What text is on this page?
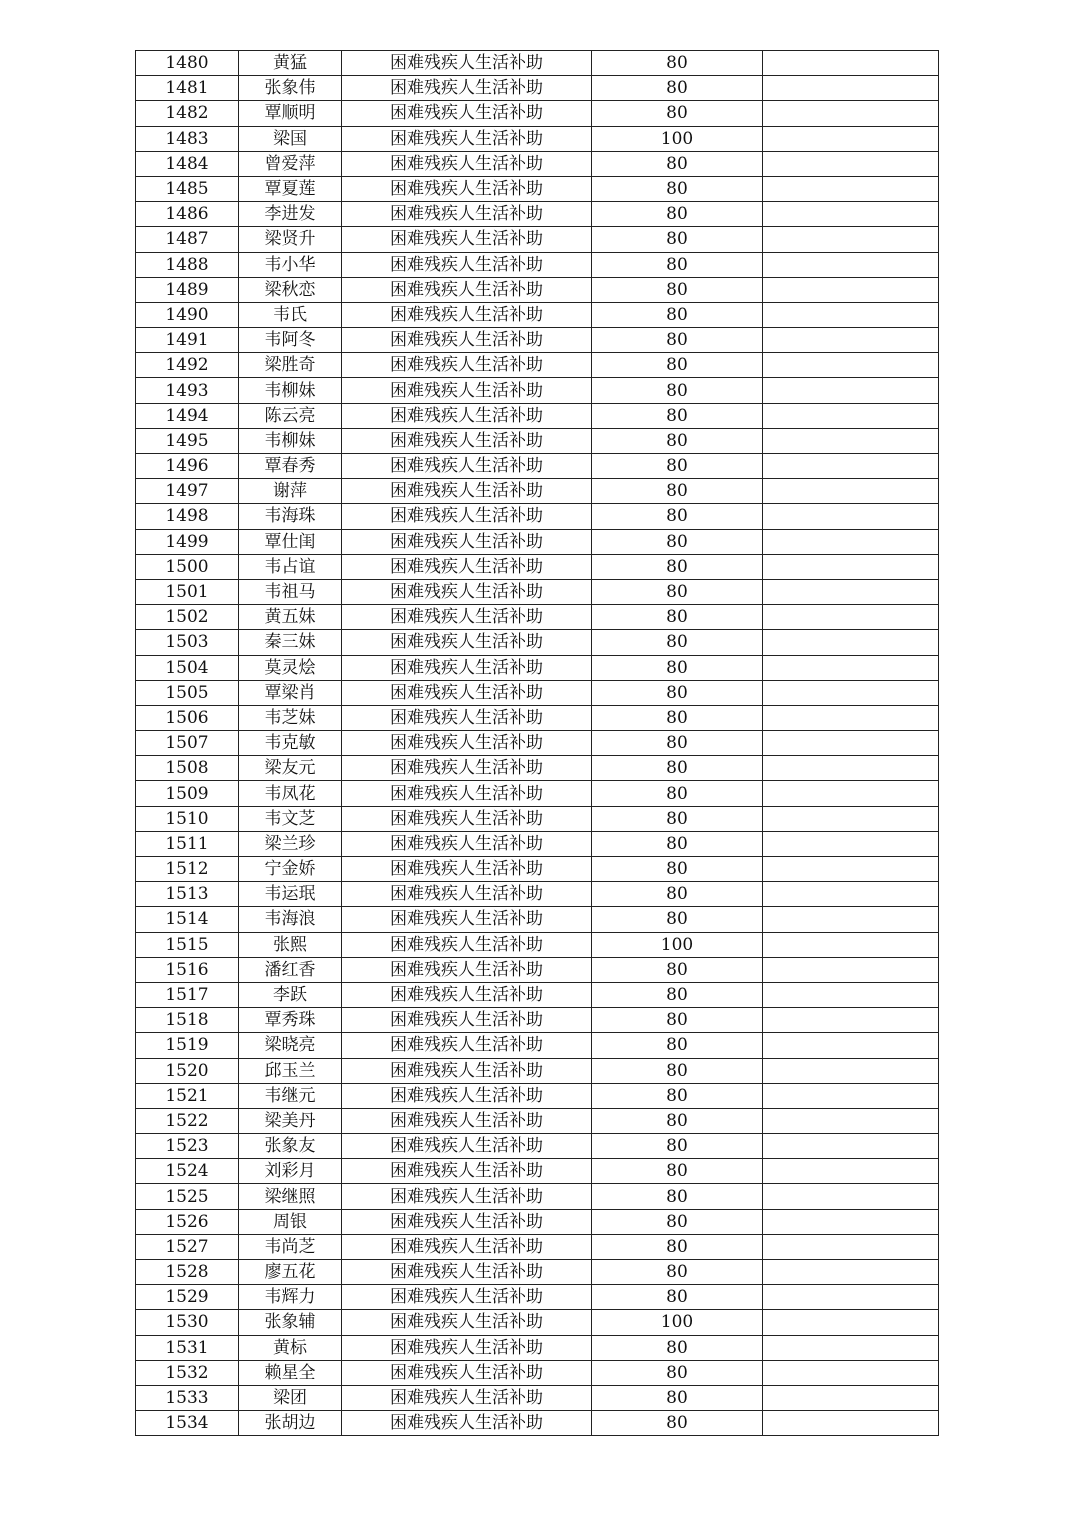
1480	黄猛	困难残疾人生活补助	80	
1481	张象伟	困难残疾人生活补助	80	
1482	覃顺明	困难残疾人生活补助	80	
1483	梁国	困难残疾人生活补助	100	
1484	曾爱萍	困难残疾人生活补助	80	
1485	覃夏莲	困难残疾人生活补助	80	
1486	李进发	困难残疾人生活补助	80	
1487	梁贤升	困难残疾人生活补助	80	
1488	韦小华	困难残疾人生活补助	80	
1489	梁秋恋	困难残疾人生活补助	80	
1490	韦氏	困难残疾人生活补助	80	
1491	韦阿冬	困难残疾人生活补助	80	
1492	梁胜奇	困难残疾人生活补助	80	
1493	韦柳妹	困难残疾人生活补助	80	
1494	陈云亮	困难残疾人生活补助	80	
1495	韦柳妹	困难残疾人生活补助	80	
1496	覃春秀	困难残疾人生活补助	80	
1497	谢萍	困难残疾人生活补助	80	
1498	韦海珠	困难残疾人生活补助	80	
1499	覃仕闺	困难残疾人生活补助	80	
1500	韦占谊	困难残疾人生活补助	80	
1501	韦祖马	困难残疾人生活补助	80	
1502	黄五妹	困难残疾人生活补助	80	
1503	秦三妹	困难残疾人生活补助	80	
1504	莫灵烩	困难残疾人生活补助	80	
1505	覃梁肖	困难残疾人生活补助	80	
1506	韦芝妹	困难残疾人生活补助	80	
1507	韦克敏	困难残疾人生活补助	80	
1508	梁友元	困难残疾人生活补助	80	
1509	韦凤花	困难残疾人生活补助	80	
1510	韦文芝	困难残疾人生活补助	80	
1511	梁兰珍	困难残疾人生活补助	80	
1512	宁金娇	困难残疾人生活补助	80	
1513	韦运珉	困难残疾人生活补助	80	
1514	韦海浪	困难残疾人生活补助	80	
1515	张熙	困难残疾人生活补助	100	
1516	潘红香	困难残疾人生活补助	80	
1517	李跃	困难残疾人生活补助	80	
1518	覃秀珠	困难残疾人生活补助	80	
1519	梁晓亮	困难残疾人生活补助	80	
1520	邱玉兰	困难残疾人生活补助	80	
1521	韦继元	困难残疾人生活补助	80	
1522	梁美丹	困难残疾人生活补助	80	
1523	张象友	困难残疾人生活补助	80	
1524	刘彩月	困难残疾人生活补助	80	
1525	梁继照	困难残疾人生活补助	80	
1526	周银	困难残疾人生活补助	80	
1527	韦尚芝	困难残疾人生活补助	80	
1528	廖五花	困难残疾人生活补助	80	
1529	韦辉力	困难残疾人生活补助	80	
1530	张象辅	困难残疾人生活补助	100	
1531	黄标	困难残疾人生活补助	80	
1532	赖星全	困难残疾人生活补助	80	
1533	梁团	困难残疾人生活补助	80	
1534	张胡边	困难残疾人生活补助	80	
